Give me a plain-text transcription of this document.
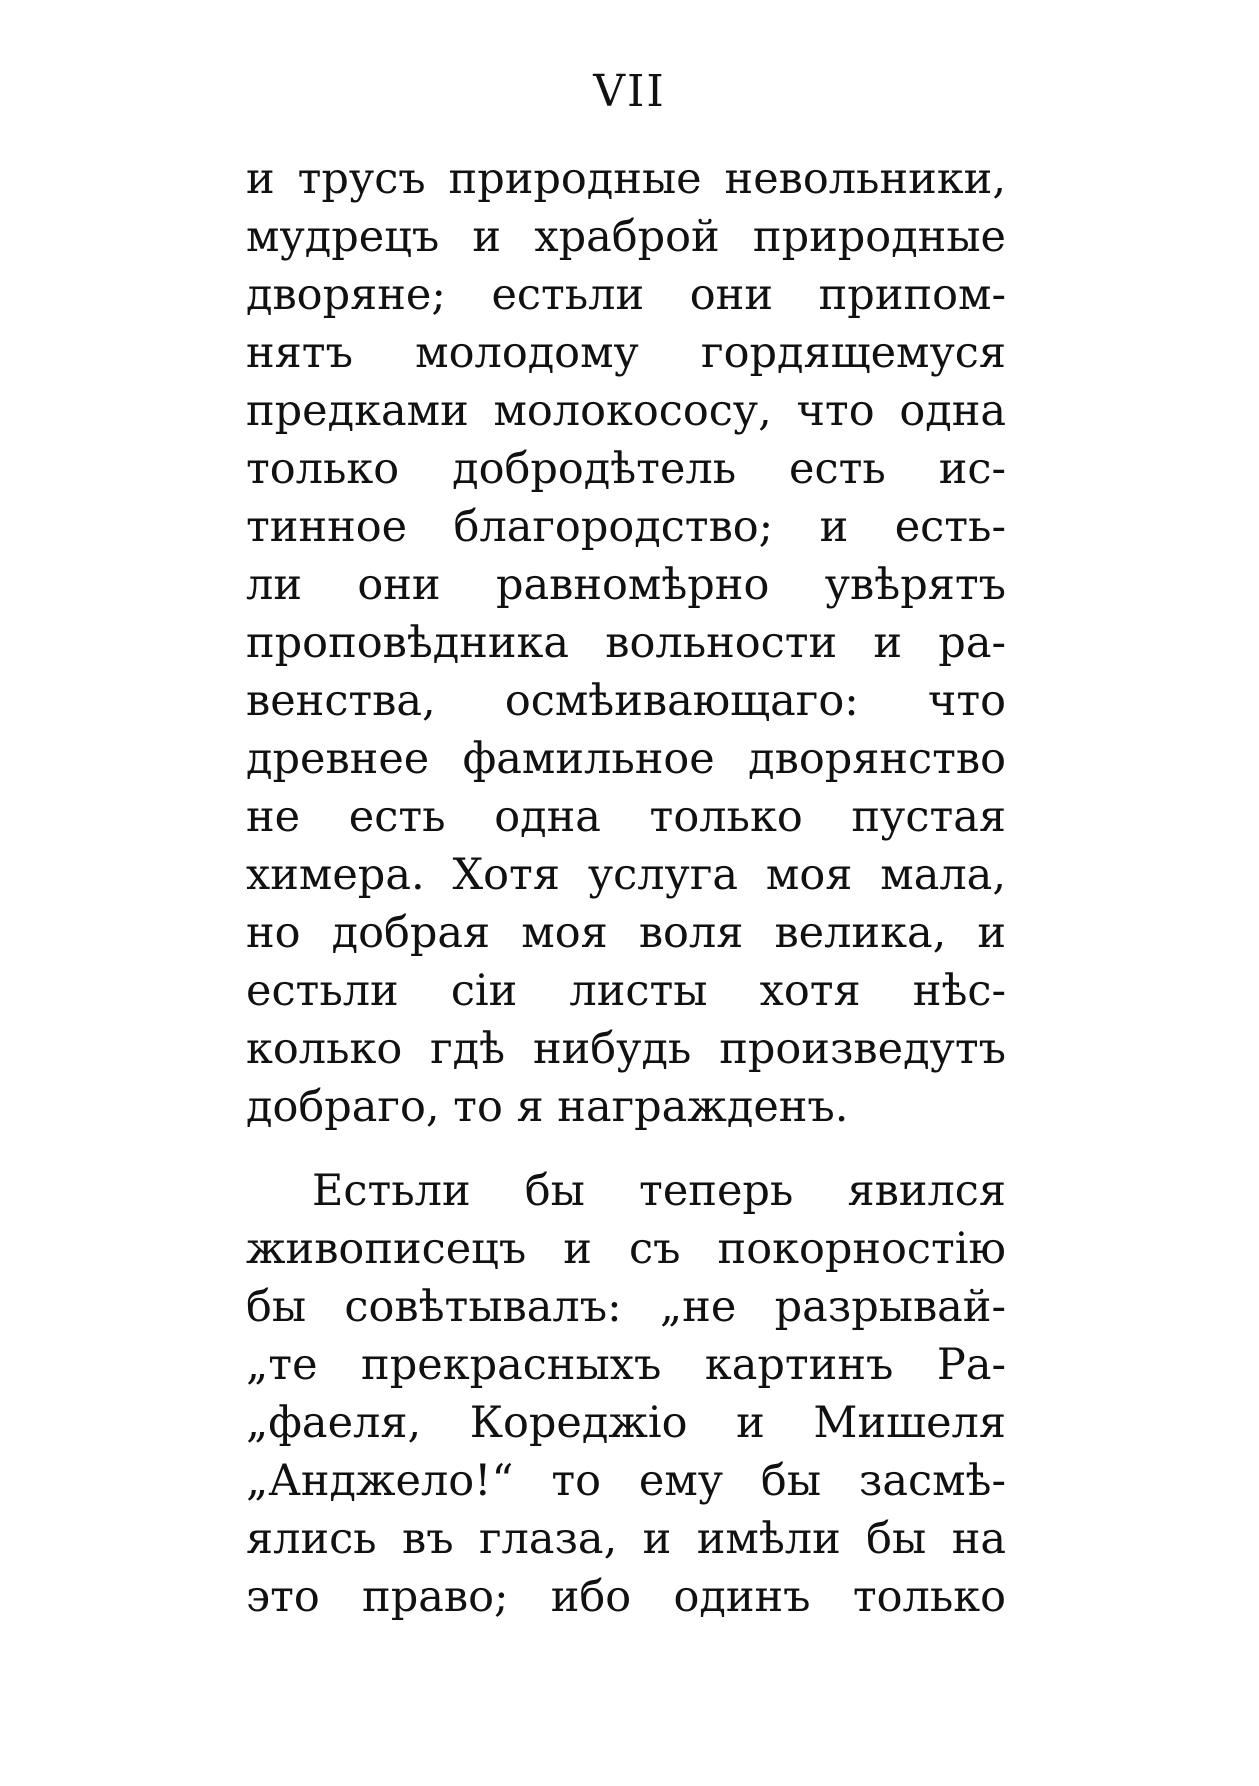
VII
и трусъ природные невольники,
мудрецъ и храброй природные
дворяне; естьли они припом-
нятъ молодому гордящемуся
предками молокососу, что одна
только добродѣтель есть ис-
тинное благородство; и есть-
ли они равномѣрно увѣрятъ
проповѣдника вольности и ра-
венства, осмѣивающаго: что
древнее фамильное дворянство
не есть одна только пустая
химера. Хотя услуга моя мала,
но добрая моя воля велика, и
естьли сіи листы хотя нѣс-
колько гдѣ нибудь произведутъ
добраго, то я награжденъ.
Естьли бы теперь явился
живописецъ и съ покорностію
бы совѣтывалъ: „не разрывай-
„те прекрасныхъ картинъ Ра-
„фаеля, Кореджіо и Мишеля
„Анджело!“ то ему бы засмѣ-
ялись въ глаза, и имѣли бы на
это право; ибо одинъ только
